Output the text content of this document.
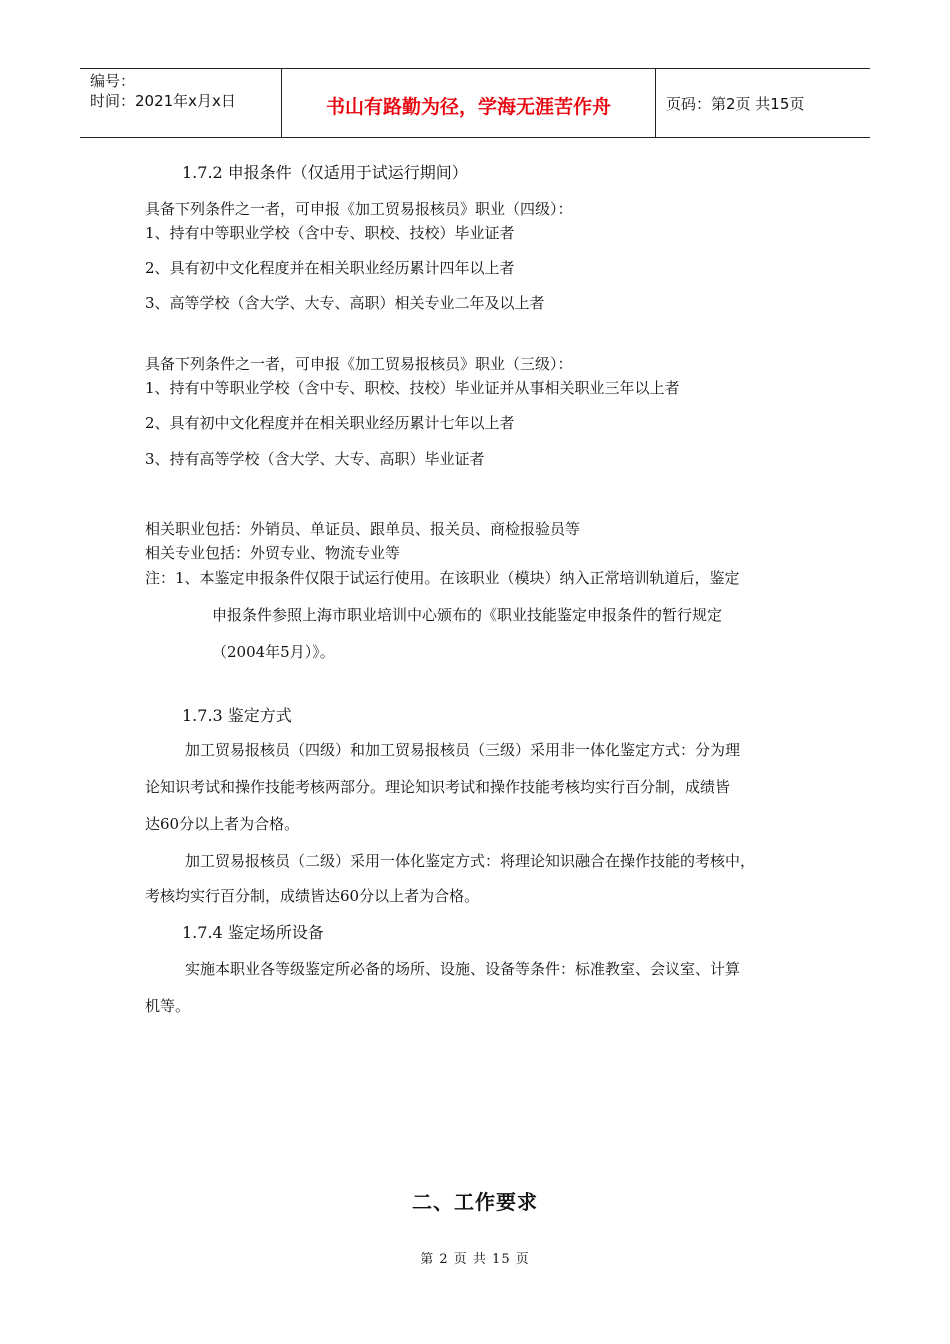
编号：
时间：2021年x月x日	书山有路勤为径，学海无涯苦作舟	页码：第2页 共15页
1.7.2 申报条件（仅适用于试运行期间）
具备下列条件之一者，可申报《加工贸易报核员》职业（四级）：
1、持有中等职业学校（含中专、职校、技校）毕业证者
2、具有初中文化程度并在相关职业经历累计四年以上者
3、高等学校（含大学、大专、高职）相关专业二年及以上者
具备下列条件之一者，可申报《加工贸易报核员》职业（三级）：
1、持有中等职业学校（含中专、职校、技校）毕业证并从事相关职业三年以上者
2、具有初中文化程度并在相关职业经历累计七年以上者
3、持有高等学校（含大学、大专、高职）毕业证者
相关职业包括：外销员、单证员、跟单员、报关员、商检报验员等
相关专业包括：外贸专业、物流专业等
注：1、本鉴定申报条件仅限于试运行使用。在该职业（模块）纳入正常培训轨道后，鉴定
申报条件参照上海市职业培训中心颁布的《职业技能鉴定申报条件的暂行规定
（2004年5月）》。
1.7.3 鉴定方式
加工贸易报核员（四级）和加工贸易报核员（三级）采用非一体化鉴定方式：分为理
论知识考试和操作技能考核两部分。理论知识考试和操作技能考核均实行百分制，成绩皆
达60分以上者为合格。
加工贸易报核员（二级）采用一体化鉴定方式：将理论知识融合在操作技能的考核中，
考核均实行百分制，成绩皆达60分以上者为合格。
1.7.4 鉴定场所设备
实施本职业各等级鉴定所必备的场所、设施、设备等条件：标准教室、会议室、计算
机等。
二、工作要求
第 2 页 共 15 页
